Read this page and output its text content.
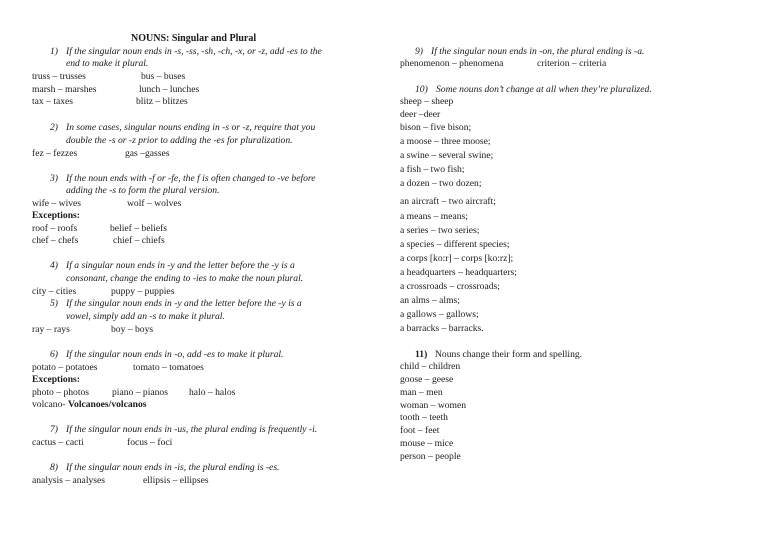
NOUNS: Singular and Plural
1) If the singular noun ends in -s, -ss, -sh, -ch, -x, or -z, add -es to the
end to make it plural.
truss – trusses	bus – buses
marsh – marshes	lunch – lunches
tax – taxes	blitz – blitzes
2) In some cases, singular nouns ending in -s or -z, require that you
double the -s or -z prior to adding the -es for pluralization.
fez – fezzes	gas –gasses
3) If the noun ends with -f or -fe, the f is often changed to -ve before
adding the -s to form the plural version.
wife – wives	wolf – wolves
Exceptions:
roof – roofs	belief – beliefs
chef – chefs	chief – chiefs
4) If a singular noun ends in -y and the letter before the -y is a
consonant, change the ending to -ies to make the noun plural.
city – cities	puppy – puppies
5) If the singular noun ends in -y and the letter before the -y is a
vowel, simply add an -s to make it plural.
ray – rays	boy – boys
6) If the singular noun ends in -o, add -es to make it plural.
potato – potatoes	tomato – tomatoes
Exceptions:
photo – photos piano – pianos halo – halos
volcano- Volcanoes/volcanos
7) If the singular noun ends in -us, the plural ending is frequently -i.
cactus – cacti	focus – foci
8) If the singular noun ends in -is, the plural ending is -es.
analysis – analyses	ellipsis – ellipses
9) If the singular noun ends in -on, the plural ending is -a.
phenomenon – phenomena	criterion – criteria
10) Some nouns don’t change at all when they’re pluralized.
sheep – sheep
deer –deer
bison – five bison;
a moose – three moose;
a swine – several swine;
a fish – two fish;
a dozen – two dozen;
an aircraft – two aircraft;
a means – means;
a series – two series;
a species – different species;
a corps [ko:r] – corps [ko:rz];
a headquarters – headquarters;
a crossroads – crossroads;
an alms – alms;
a gallows – gallows;
a barracks – barracks.
11) Nouns change their form and spelling.
child – children
goose – geese
man – men
woman – women
tooth – teeth
foot – feet
mouse – mice
person – people
